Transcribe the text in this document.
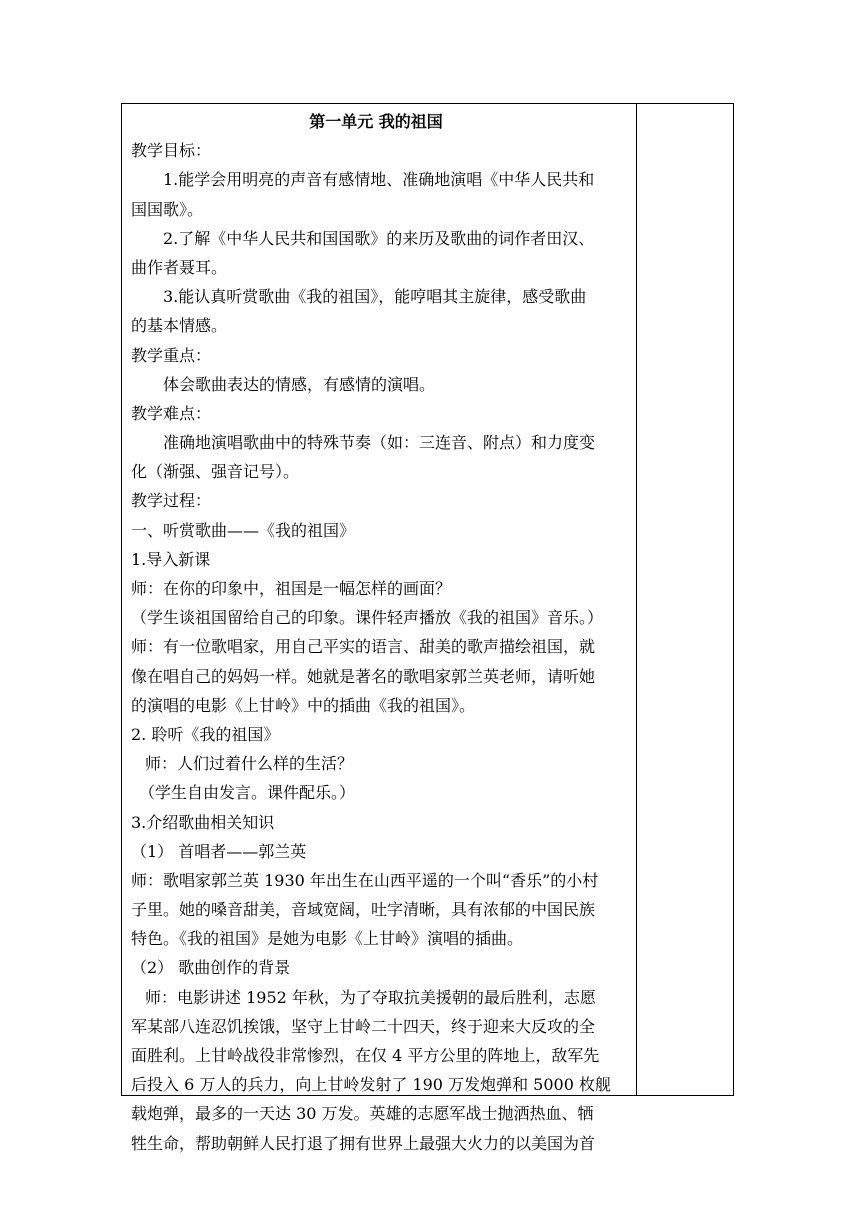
第一单元 我的祖国
教学目标：
1.能学会用明亮的声音有感情地、准确地演唱《中华人民共和
国国歌》。
2.了解《中华人民共和国国歌》的来历及歌曲的词作者田汉、
曲作者聂耳。
3.能认真听赏歌曲《我的祖国》，能哼唱其主旋律，感受歌曲
的基本情感。
教学重点：
体会歌曲表达的情感，有感情的演唱。
教学难点：
准确地演唱歌曲中的特殊节奏（如：三连音、附点）和力度变
化（渐强、强音记号）。
教学过程：
一、听赏歌曲——《我的祖国》
1.导入新课
师：在你的印象中，祖国是一幅怎样的画面？
（学生谈祖国留给自己的印象。课件轻声播放《我的祖国》音乐。）
师：有一位歌唱家，用自己平实的语言、甜美的歌声描绘祖国，就
像在唱自己的妈妈一样。她就是著名的歌唱家郭兰英老师，请听她
的演唱的电影《上甘岭》中的插曲《我的祖国》。
2. 聆听《我的祖国》
师：人们过着什么样的生活？
（学生自由发言。课件配乐。）
3.介绍歌曲相关知识
（1） 首唱者——郭兰英
师：歌唱家郭兰英 1930 年出生在山西平遥的一个叫“香乐”的小村
子里。她的嗓音甜美，音域宽阔，吐字清晰，具有浓郁的中国民族
特色。《我的祖国》是她为电影《上甘岭》演唱的插曲。
（2） 歌曲创作的背景
师：电影讲述 1952 年秋，为了夺取抗美援朝的最后胜利，志愿
军某部八连忍饥挨饿，坚守上甘岭二十四天，终于迎来大反攻的全
面胜利。上甘岭战役非常惨烈，在仅 4 平方公里的阵地上，敌军先
后投入 6 万人的兵力，向上甘岭发射了 190 万发炮弹和 5000 枚舰
载炮弹，最多的一天达 30 万发。英雄的志愿军战士抛洒热血、牺
牲生命，帮助朝鲜人民打退了拥有世界上最强大火力的以美国为首
